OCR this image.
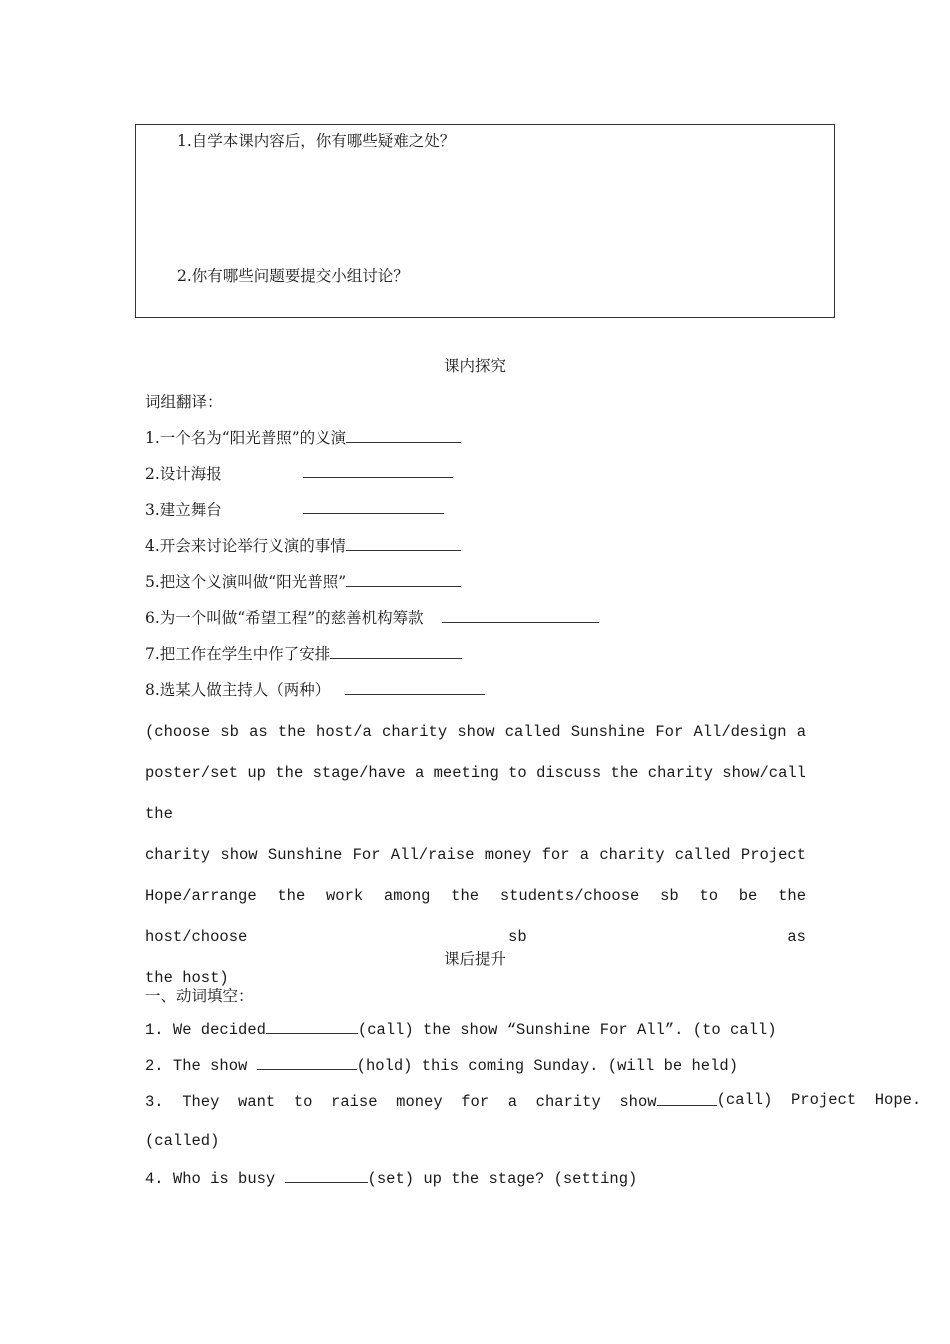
1.自学本课内容后，你有哪些疑难之处？
2.你有哪些问题要提交小组讨论？
课内探究
词组翻译：
1.一个名为“阳光普照”的义演
2.设计海报
3.建立舞台
4.开会来讨论举行义演的事情
5.把这个义演叫做“阳光普照”
6.为一个叫做“希望工程”的慈善机构筹款
7.把工作在学生中作了安排
8.选某人做主持人（两种）
(choose sb as the host/a charity show called Sunshine For All/design a
poster/set up the stage/have a meeting to discuss the charity show/call the
charity show Sunshine For All/raise money for a charity called Project
Hope/arrange the work among the students/choose sb to be the host/choose sb as
the host)
课后提升
一、动词填空：
1. We decided	(call) the show “Sunshine For All”. (to call)
2. The show	(hold) this coming Sunday. (will be held)
3.  They  want  to  raise  money  for  a  charity  show	(call)  Project  Hope.
(called)
4. Who is busy	(set) up the stage? (setting)
